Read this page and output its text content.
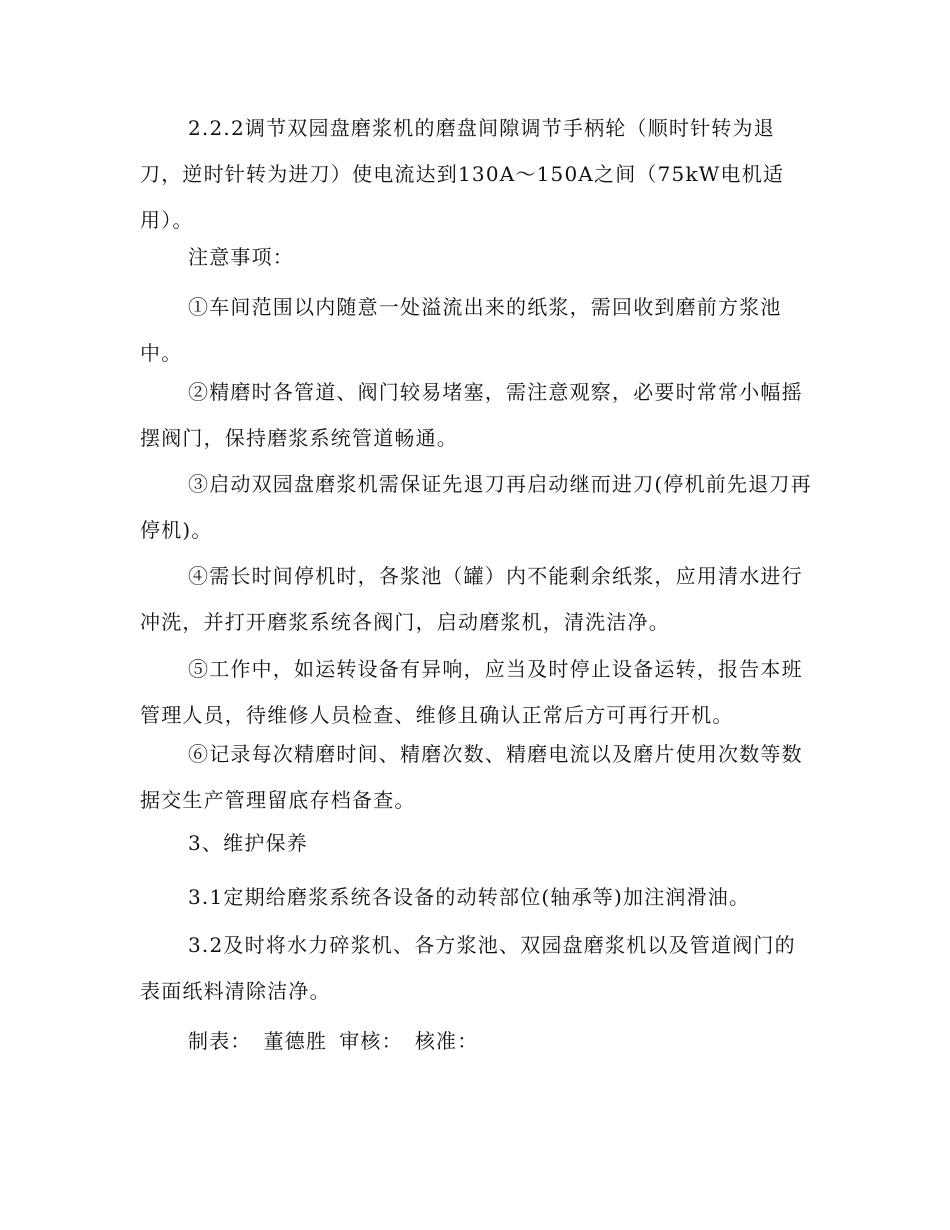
2.2.2调节双园盘磨浆机的磨盘间隙调节手柄轮（顺时针转为退刀，逆时针转为进刀）使电流达到130A～150A之间（75kW电机适用）。

注意事项：

①车间范围以内随意一处溢流出来的纸浆，需回收到磨前方浆池中。

②精磨时各管道、阀门较易堵塞，需注意观察，必要时常常小幅摇摆阀门，保持磨浆系统管道畅通。

③启动双园盘磨浆机需保证先退刀再启动继而进刀(停机前先退刀再停机)。

④需长时间停机时，各浆池（罐）内不能剩余纸浆，应用清水进行冲洗，并打开磨浆系统各阀门，启动磨浆机，清洗洁净。

⑤工作中，如运转设备有异响，应当及时停止设备运转，报告本班管理人员，待维修人员检查、维修且确认正常后方可再行开机。

⑥记录每次精磨时间、精磨次数、精磨电流以及磨片使用次数等数据交生产管理留底存档备查。

3、维护保养

3.1定期给磨浆系统各设备的动转部位(轴承等)加注润滑油。

3.2及时将水力碎浆机、各方浆池、双园盘磨浆机以及管道阀门的表面纸料清除洁净。

制表： 董德胜 审核： 核准：
